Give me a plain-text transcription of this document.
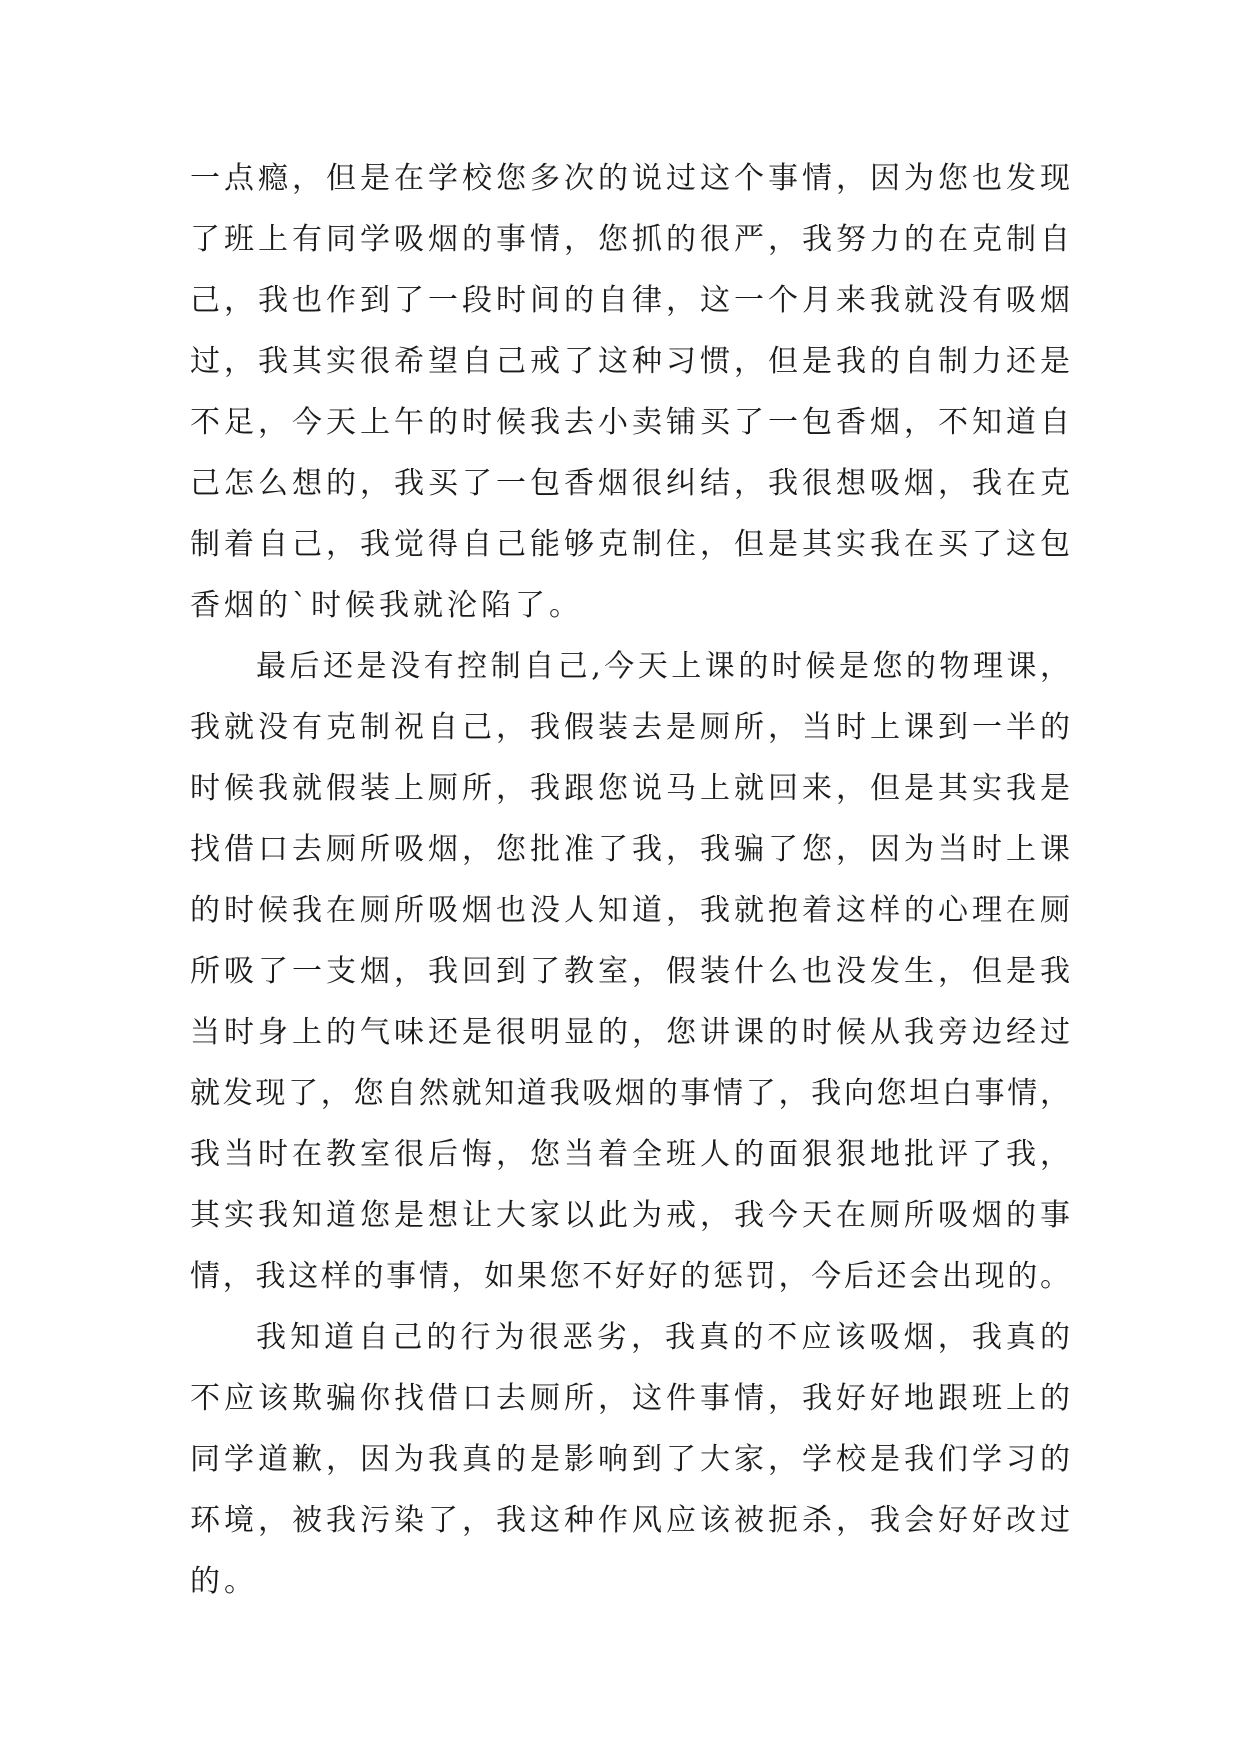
一点瘾，但是在学校您多次的说过这个事情，因为您也发现
了班上有同学吸烟的事情，您抓的很严，我努力的在克制自
己，我也作到了一段时间的自律，这一个月来我就没有吸烟
过，我其实很希望自己戒了这种习惯，但是我的自制力还是
不足，今天上午的时候我去小卖铺买了一包香烟，不知道自
己怎么想的，我买了一包香烟很纠结，我很想吸烟，我在克
制着自己，我觉得自己能够克制住，但是其实我在买了这包
香烟的`时候我就沦陷了。
最后还是没有控制自己,今天上课的时候是您的物理课，
我就没有克制祝自己，我假装去是厕所，当时上课到一半的
时候我就假装上厕所，我跟您说马上就回来，但是其实我是
找借口去厕所吸烟，您批准了我，我骗了您，因为当时上课
的时候我在厕所吸烟也没人知道，我就抱着这样的心理在厕
所吸了一支烟，我回到了教室，假装什么也没发生，但是我
当时身上的气味还是很明显的，您讲课的时候从我旁边经过
就发现了，您自然就知道我吸烟的事情了，我向您坦白事情，
我当时在教室很后悔，您当着全班人的面狠狠地批评了我，
其实我知道您是想让大家以此为戒，我今天在厕所吸烟的事
情，我这样的事情，如果您不好好的惩罚，今后还会出现的。
我知道自己的行为很恶劣，我真的不应该吸烟，我真的
不应该欺骗你找借口去厕所，这件事情，我好好地跟班上的
同学道歉，因为我真的是影响到了大家，学校是我们学习的
环境，被我污染了，我这种作风应该被扼杀，我会好好改过
的。
